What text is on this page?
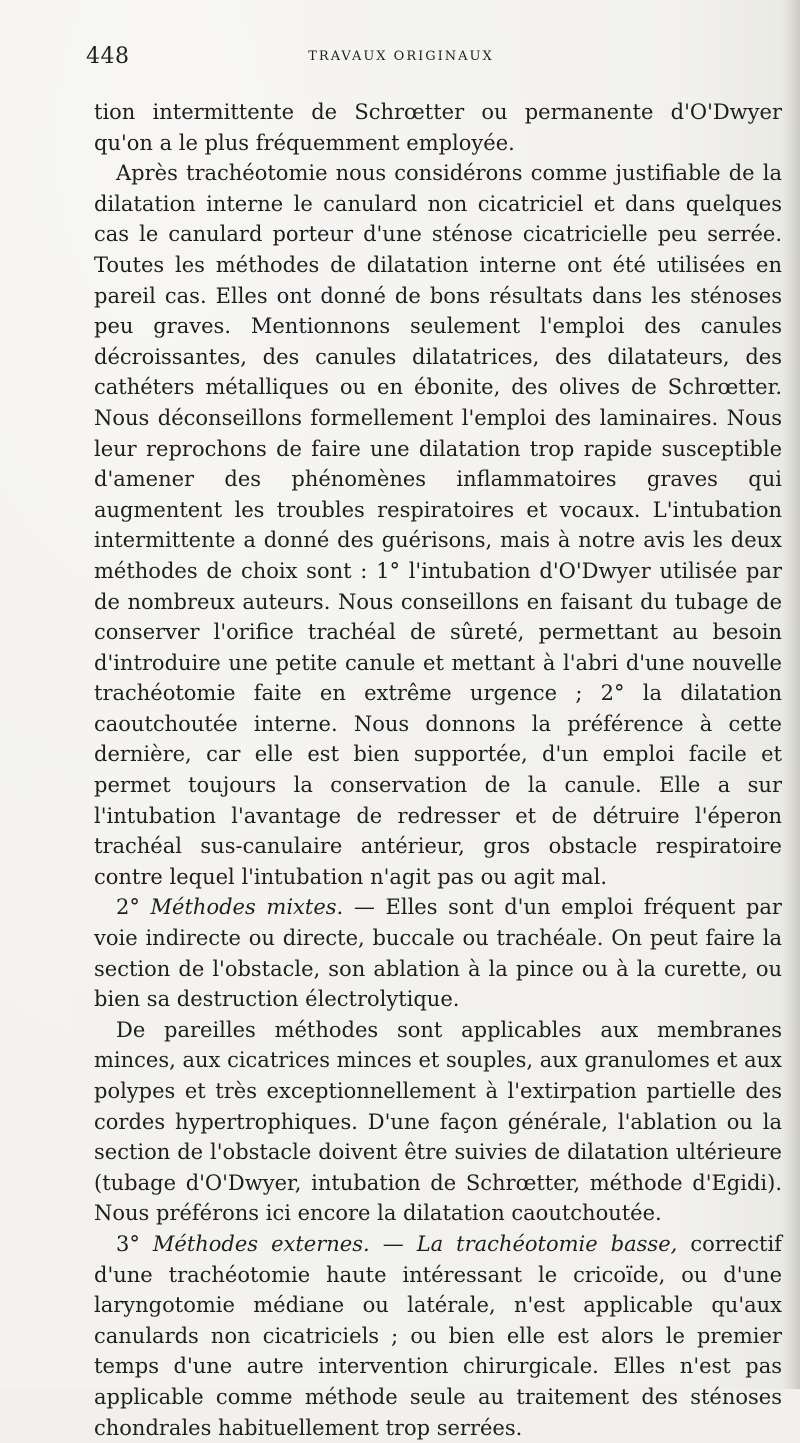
448	TRAVAUX ORIGINAUX

tion intermittente de Schrœtter ou permanente d'O'Dwyer qu'on a le plus fréquemment employée.

Après trachéotomie nous considérons comme justifiable de la dilatation interne le canulard non cicatriciel et dans quelques cas le canulard porteur d'une sténose cicatricielle peu serrée. Toutes les méthodes de dilatation interne ont été utilisées en pareil cas. Elles ont donné de bons résultats dans les sténoses peu graves. Mentionnons seulement l'emploi des canules décroissantes, des canules dilatatrices, des dilatateurs, des cathéters métalliques ou en ébonite, des olives de Schrœtter. Nous déconseillons formellement l'emploi des laminaires. Nous leur reprochons de faire une dilatation trop rapide susceptible d'amener des phénomènes inflammatoires graves qui augmentent les troubles respiratoires et vocaux. L'intubation intermittente a donné des guérisons, mais à notre avis les deux méthodes de choix sont : 1° l'intubation d'O'Dwyer utilisée par de nombreux auteurs. Nous conseillons en faisant du tubage de conserver l'orifice trachéal de sûreté, permettant au besoin d'introduire une petite canule et mettant à l'abri d'une nouvelle trachéotomie faite en extrême urgence ; 2° la dilatation caoutchoutée interne. Nous donnons la préférence à cette dernière, car elle est bien supportée, d'un emploi facile et permet toujours la conservation de la canule. Elle a sur l'intubation l'avantage de redresser et de détruire l'éperon trachéal sus-canulaire antérieur, gros obstacle respiratoire contre lequel l'intubation n'agit pas ou agit mal.

2° Méthodes mixtes. — Elles sont d'un emploi fréquent par voie indirecte ou directe, buccale ou trachéale. On peut faire la section de l'obstacle, son ablation à la pince ou à la curette, ou bien sa destruction électrolytique.

De pareilles méthodes sont applicables aux membranes minces, aux cicatrices minces et souples, aux granulomes et aux polypes et très exceptionnellement à l'extirpation partielle des cordes hypertrophiques. D'une façon générale, l'ablation ou la section de l'obstacle doivent être suivies de dilatation ultérieure (tubage d'O'Dwyer, intubation de Schrœtter, méthode d'Egidi). Nous préférons ici encore la dilatation caoutchoutée.

3° Méthodes externes. — La trachéotomie basse, correctif d'une trachéotomie haute intéressant le cricoïde, ou d'une laryngotomie médiane ou latérale, n'est applicable qu'aux canulards non cicatriciels ; ou bien elle est alors le premier temps d'une autre intervention chirurgicale. Elles n'est pas applicable comme méthode seule au traitement des sténoses chondrales habituellement trop serrées.
